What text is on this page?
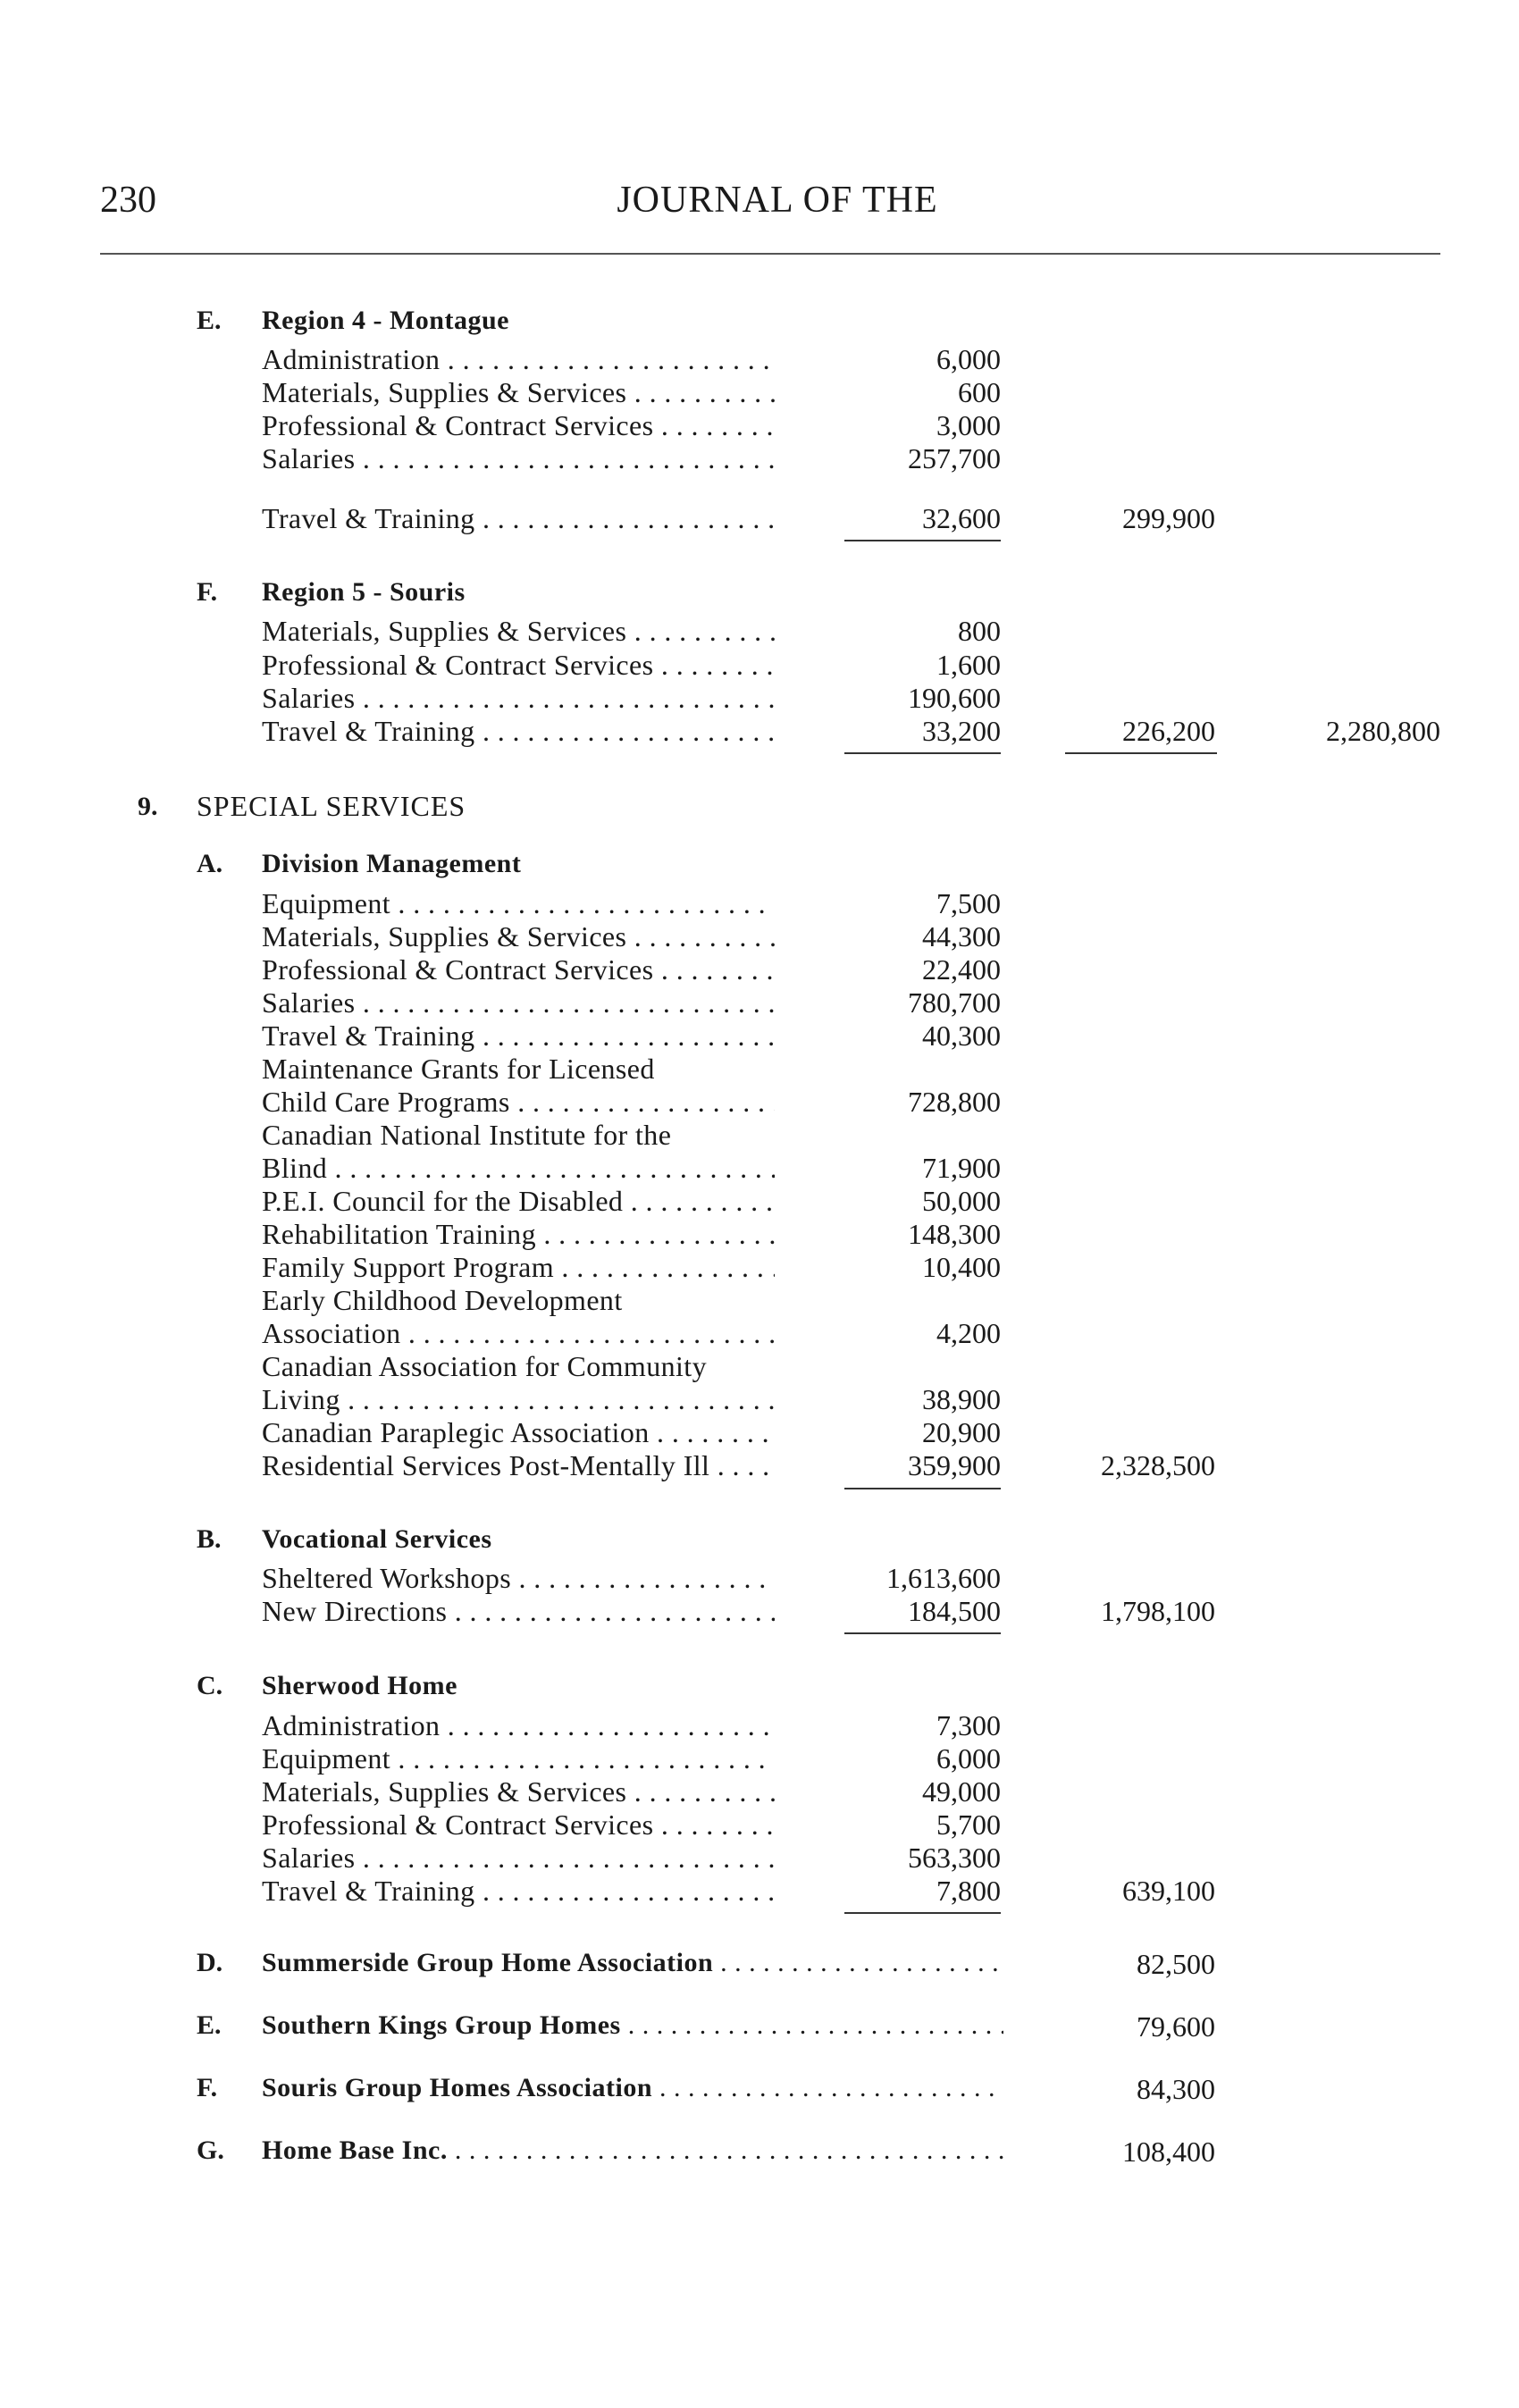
230	JOURNAL OF THE
E. Region 4 - Montague
Administration . . .	6,000
Materials, Supplies & Services . . .	600
Professional & Contract Services . . .	3,000
Salaries . . .	257,700
Travel & Training . . .	32,600	299,900
F. Region 5 - Souris
Materials, Supplies & Services . . .	800
Professional & Contract Services . . .	1,600
Salaries . . .	190,600
Travel & Training . . .	33,200	226,200	2,280,800
9. SPECIAL SERVICES
A. Division Management
Equipment . . .	7,500
Materials, Supplies & Services . . .	44,300
Professional & Contract Services . . .	22,400
Salaries . . .	780,700
Travel & Training . . .	40,300
Maintenance Grants for Licensed
Child Care Programs . . .	728,800
Canadian National Institute for the
Blind . . .	71,900
P.E.I. Council for the Disabled . . .	50,000
Rehabilitation Training . . .	148,300
Family Support Program . . .	10,400
Early Childhood Development
Association . . .	4,200
Canadian Association for Community
Living . . .	38,900
Canadian Paraplegic Association . . .	20,900
Residential Services Post-Mentally Ill . . .	359,900	2,328,500
B. Vocational Services
Sheltered Workshops . . .	1,613,600
New Directions . . .	184,500	1,798,100
C. Sherwood Home
Administration . . .	7,300
Equipment . . .	6,000
Materials, Supplies & Services . . .	49,000
Professional & Contract Services . . .	5,700
Salaries . . .	563,300
Travel & Training . . .	7,800	639,100
D. Summerside Group Home Association . . .	82,500
E. Southern Kings Group Homes . . .	79,600
F. Souris Group Homes Association . . .	84,300
G. Home Base Inc. . . .	108,400
